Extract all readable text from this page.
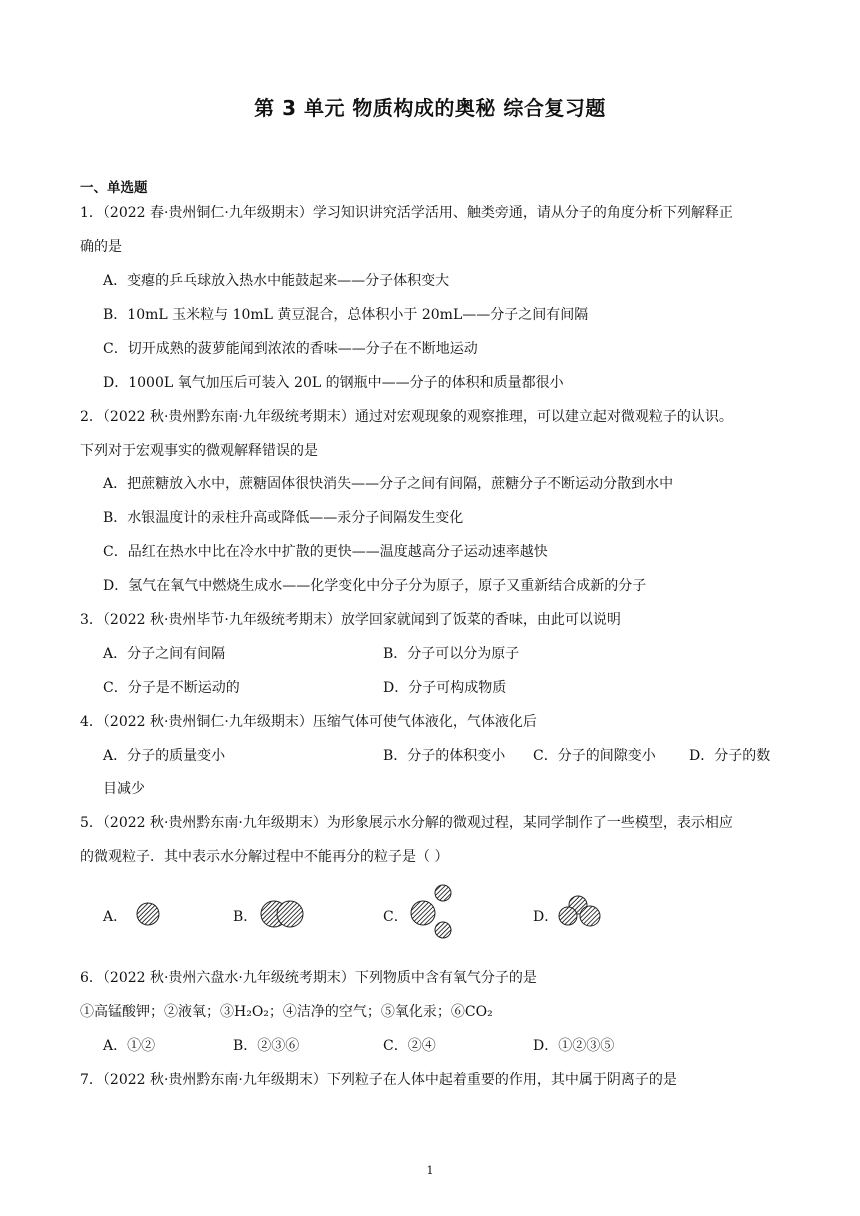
第 3 单元 物质构成的奥秘 综合复习题
一、单选题
1．（2022 春·贵州铜仁·九年级期末）学习知识讲究活学活用、触类旁通，请从分子的角度分析下列解释正
确的是
A．变瘪的乒乓球放入热水中能鼓起来——分子体积变大
B．10mL 玉米粒与 10mL 黄豆混合，总体积小于 20mL——分子之间有间隔
C．切开成熟的菠萝能闻到浓浓的香味——分子在不断地运动
D．1000L 氧气加压后可装入 20L 的钢瓶中——分子的体积和质量都很小
2．（2022 秋·贵州黔东南·九年级统考期末）通过对宏观现象的观察推理，可以建立起对微观粒子的认识。
下列对于宏观事实的微观解释错误的是
A．把蔗糖放入水中，蔗糖固体很快消失——分子之间有间隔，蔗糖分子不断运动分散到水中
B．水银温度计的汞柱升高或降低——汞分子间隔发生变化
C．品红在热水中比在冷水中扩散的更快——温度越高分子运动速率越快
D．氢气在氧气中燃烧生成水——化学变化中分子分为原子，原子又重新结合成新的分子
3．（2022 秋·贵州毕节·九年级统考期末）放学回家就闻到了饭菜的香味，由此可以说明
A．分子之间有间隔	B．分子可以分为原子
C．分子是不断运动的	D．分子可构成物质
4．（2022 秋·贵州铜仁·九年级期末）压缩气体可使气体液化，气体液化后
A．分子的质量变小	B．分子的体积变小 C．分子的间隙变小 D．分子的数
目减少
5．（2022 秋·贵州黔东南·九年级期末）为形象展示水分解的微观过程，某同学制作了一些模型，表示相应
的微观粒子．其中表示水分解过程中不能再分的粒子是（ ）
A．	B．	C．	D．
6．（2022 秋·贵州六盘水·九年级统考期末）下列物质中含有氧气分子的是
①高锰酸钾；②液氧；③H₂O₂；④洁净的空气；⑤氧化汞；⑥CO₂
A．①②	B．②③⑥	C．②④	D．①②③⑤
7．（2022 秋·贵州黔东南·九年级期末）下列粒子在人体中起着重要的作用，其中属于阴离子的是
1
